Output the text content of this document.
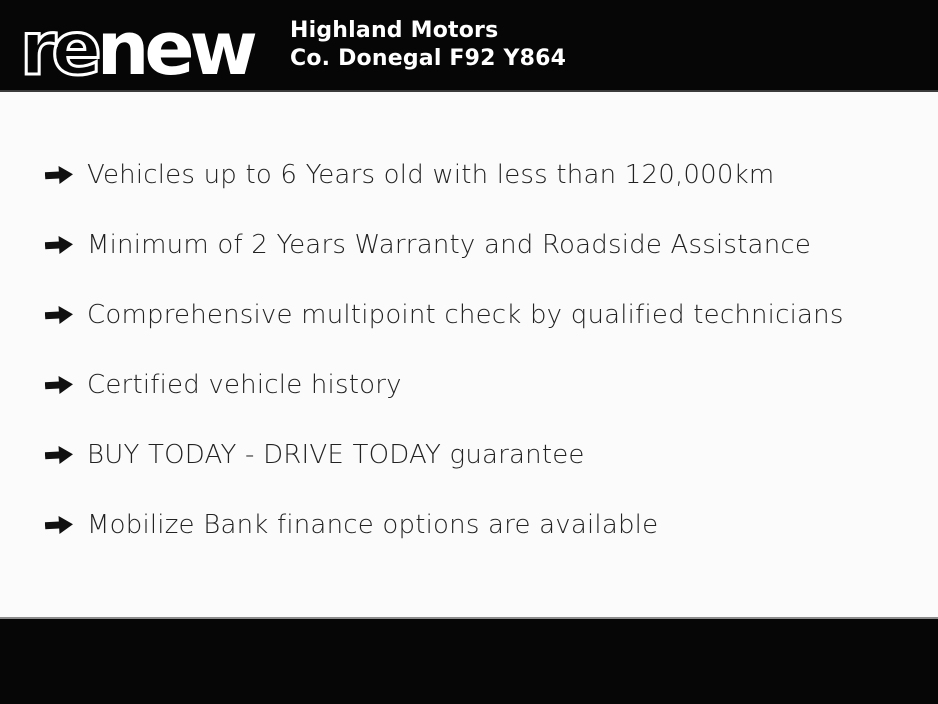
renew Highland Motors
Co. Donegal F92 Y864
Vehicles up to 6 Years old with less than 120,000km
Minimum of 2 Years Warranty and Roadside Assistance
Comprehensive multipoint check by qualified technicians
Certified vehicle history
BUY TODAY - DRIVE TODAY guarantee
Mobilize Bank finance options are available
